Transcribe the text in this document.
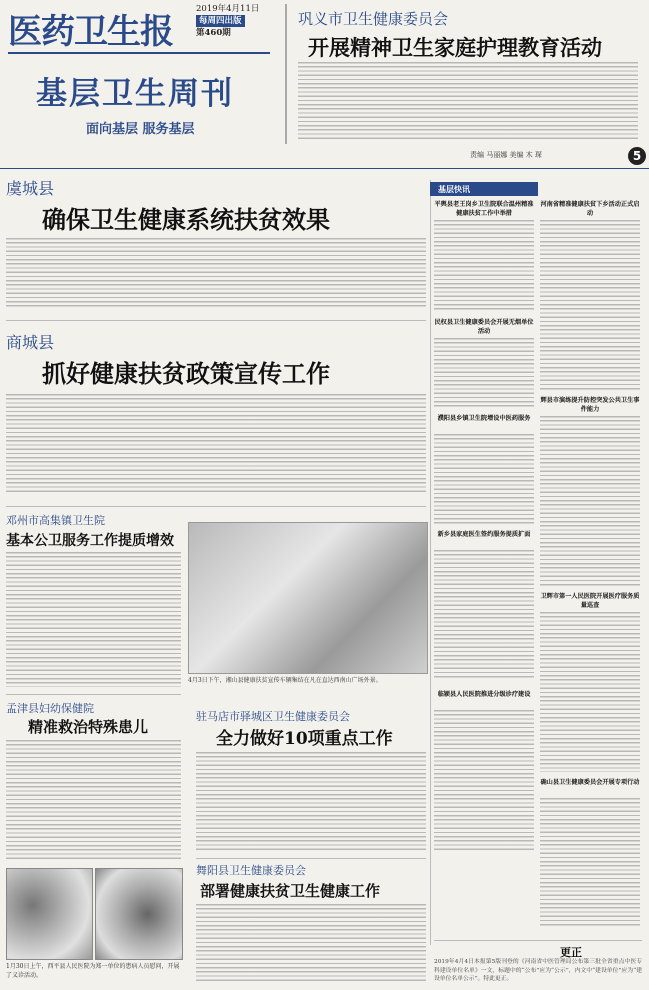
医药卫生报
2019年4月11日
每周四出版
第460期
基层卫生周刊
面向基层 服务基层
巩义市卫生健康委员会
开展精神卫生家庭护理教育活动
责编 马丽娜 美编 木 琛	5
虞城县
确保卫生健康系统扶贫效果
商城县
抓好健康扶贫政策宣传工作
邓州市高集镇卫生院
基本公卫服务工作提质增效
4月3日下午，湘山县健康扶贫宣传车辆集结在凡在直达西南山广场外景。
孟津县妇幼保健院
精准救治特殊患儿
1月30日上午，西平县人民医院为郑一单位的患病人员慰问，开展了义诊活动。
驻马店市驿城区卫生健康委员会
全力做好10项重点工作
舞阳县卫生健康委员会
部署健康扶贫卫生健康工作
基层快讯
平舆县老王岗乡卫生院联合温州精准健康扶贫工作中举措
河南省精准健康扶贫下乡活动正式启动
民权县卫生健康委员会开展无烟单位活动
濮阳县乡镇卫生院增设中医药服务
辉县市演练提升防控突发公共卫生事件能力
新乡县家庭医生签约服务提质扩面
卫辉市第一人民医院开展医疗服务质量巡查
临颍县人民医院推进分级诊疗建设
确山县卫生健康委员会开展专项行动
更正
2019年4月4日本报第5版刊登的《河南省中医管理局公布第三批全省重点中医专科建设单位名单》一文，标题中的“公布”应为“公示”，内文中“建设单位”应为“建设单位名单公示”。特此更正。
